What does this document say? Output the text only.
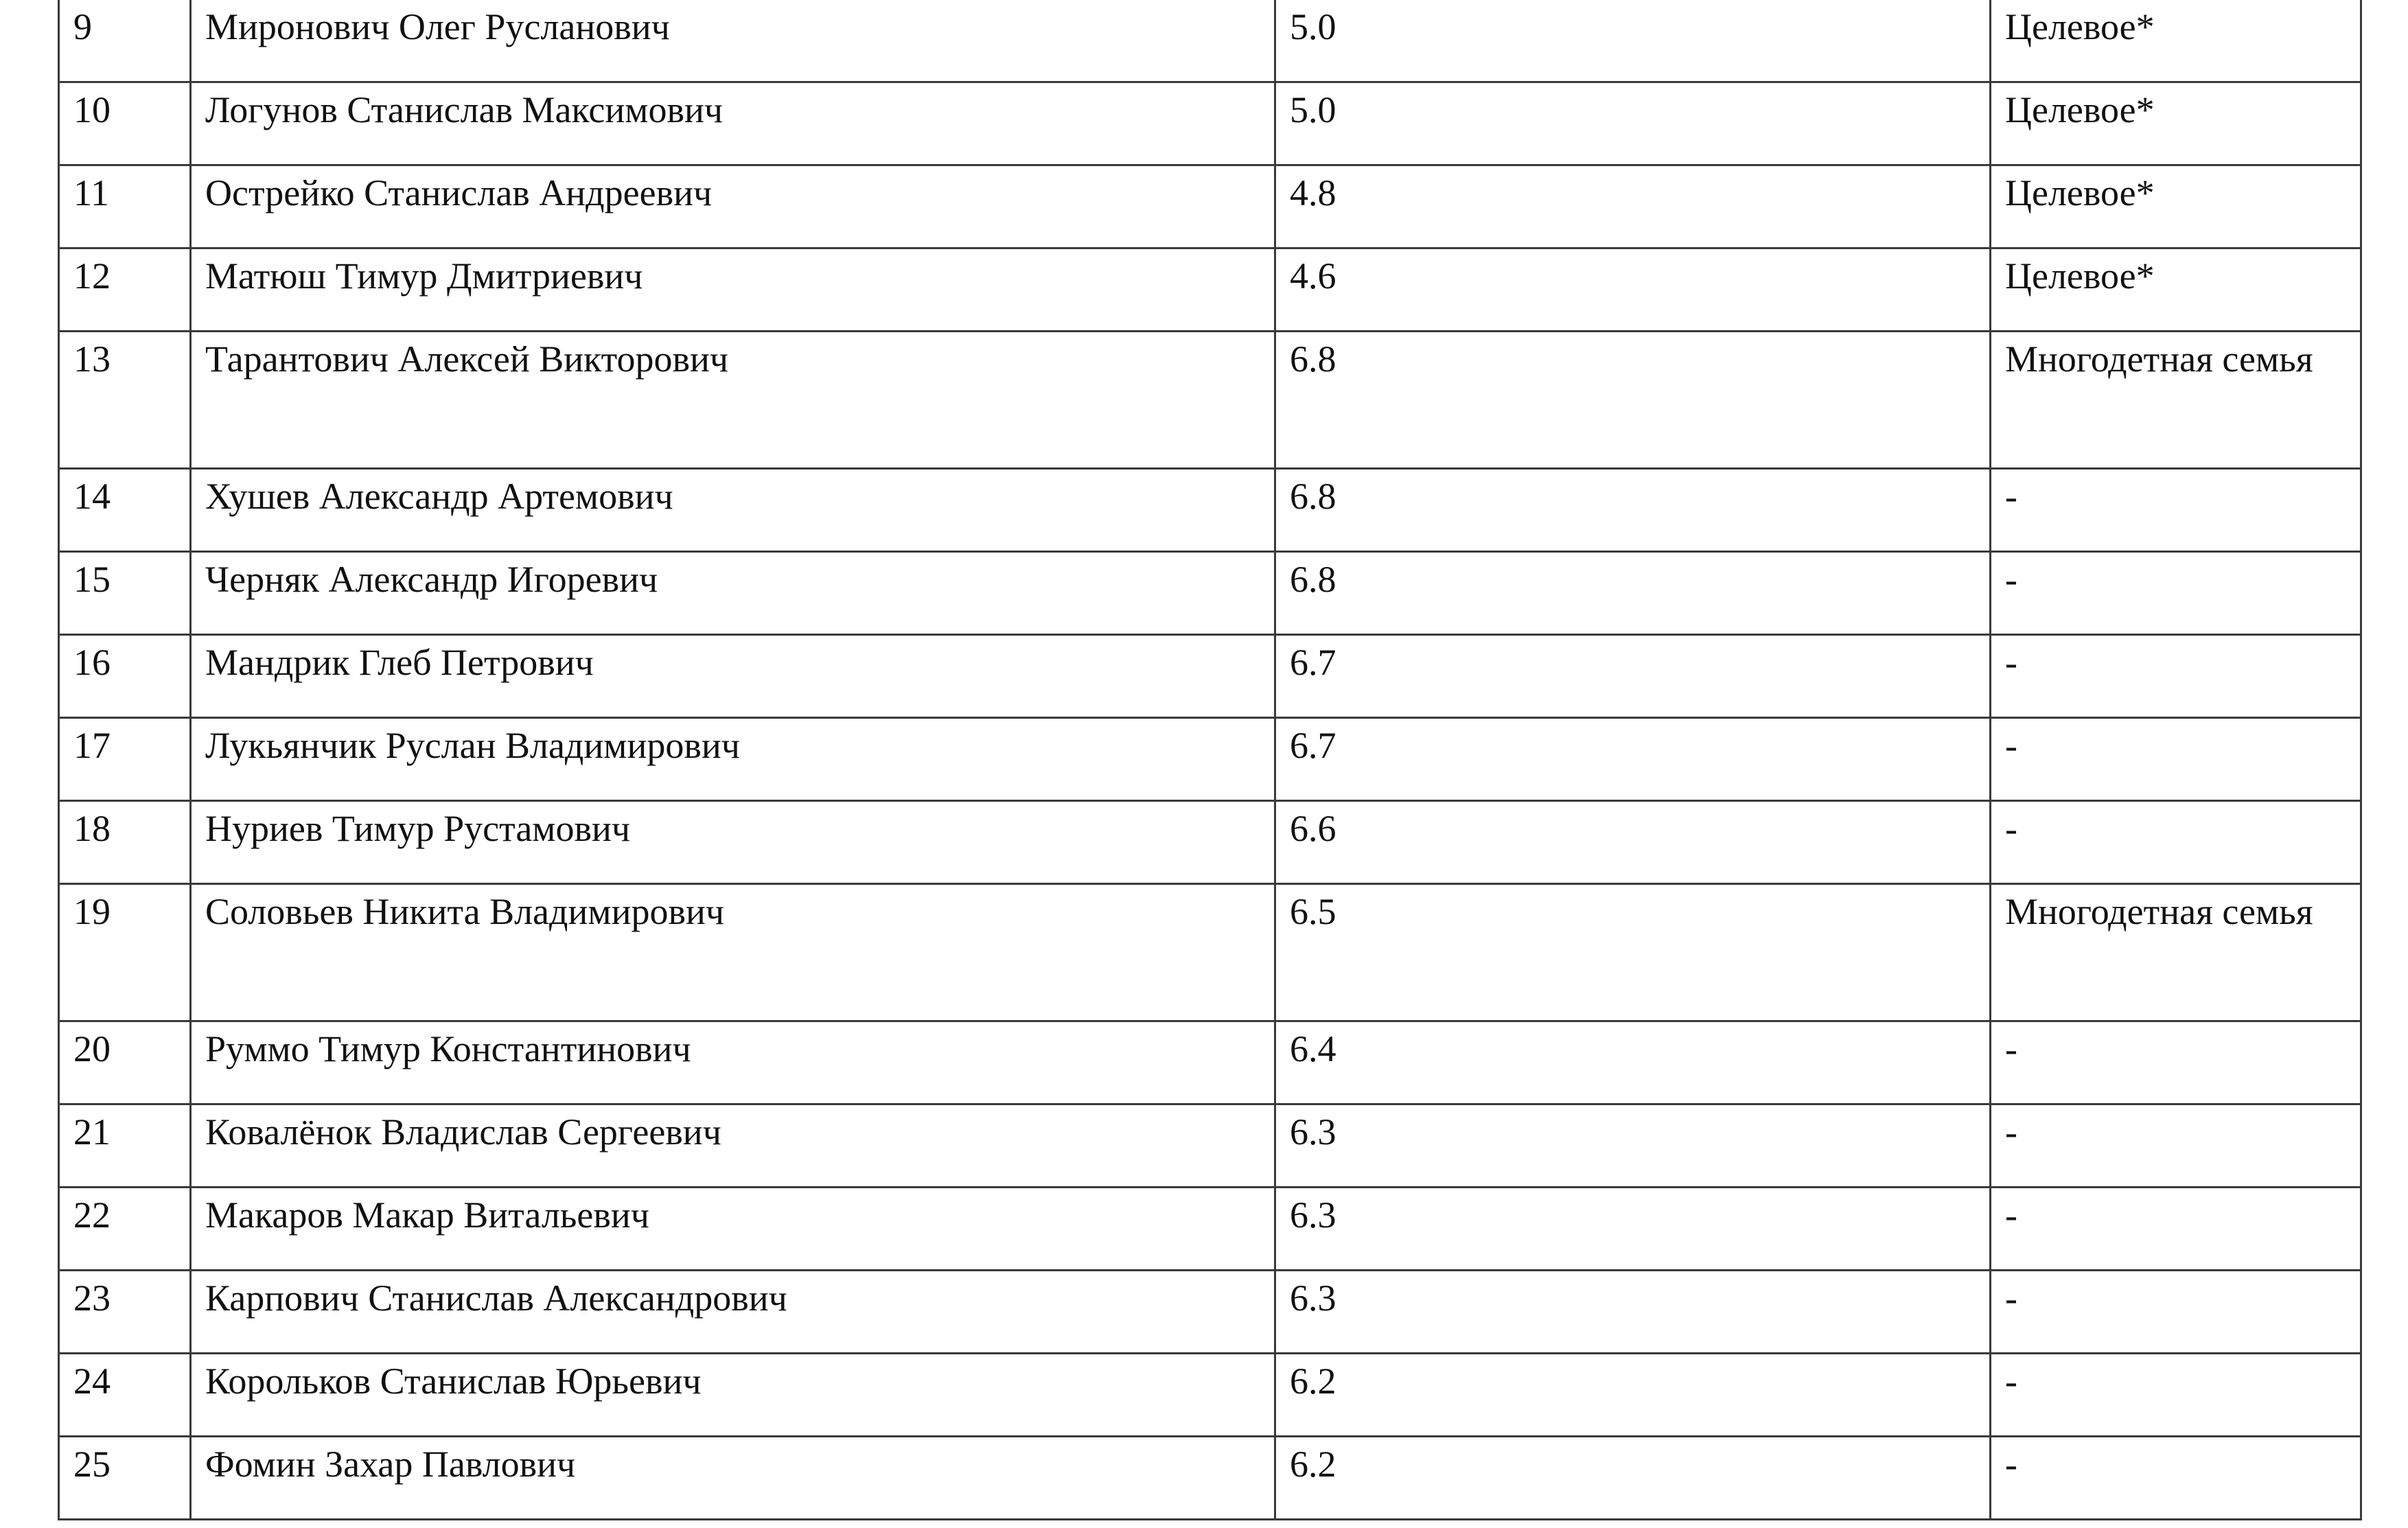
9	Миронович Олег Русланович	5.0	Целевое*
10	Логунов Станислав Максимович	5.0	Целевое*
11	Острейко Станислав Андреевич	4.8	Целевое*
12	Матюш Тимур Дмитриевич	4.6	Целевое*
13	Тарантович Алексей Викторович	6.8	Многодетная семья
14	Хушев Александр Артемович	6.8	-
15	Черняк Александр Игоревич	6.8	-
16	Мандрик Глеб Петрович	6.7	-
17	Лукьянчик Руслан Владимирович	6.7	-
18	Нуриев Тимур Рустамович	6.6	-
19	Соловьев Никита Владимирович	6.5	Многодетная семья
20	Руммо Тимур Константинович	6.4	-
21	Ковалёнок Владислав Сергеевич	6.3	-
22	Макаров Макар Витальевич	6.3	-
23	Карпович Станислав Александрович	6.3	-
24	Корольков Станислав Юрьевич	6.2	-
25	Фомин Захар Павлович	6.2	-
